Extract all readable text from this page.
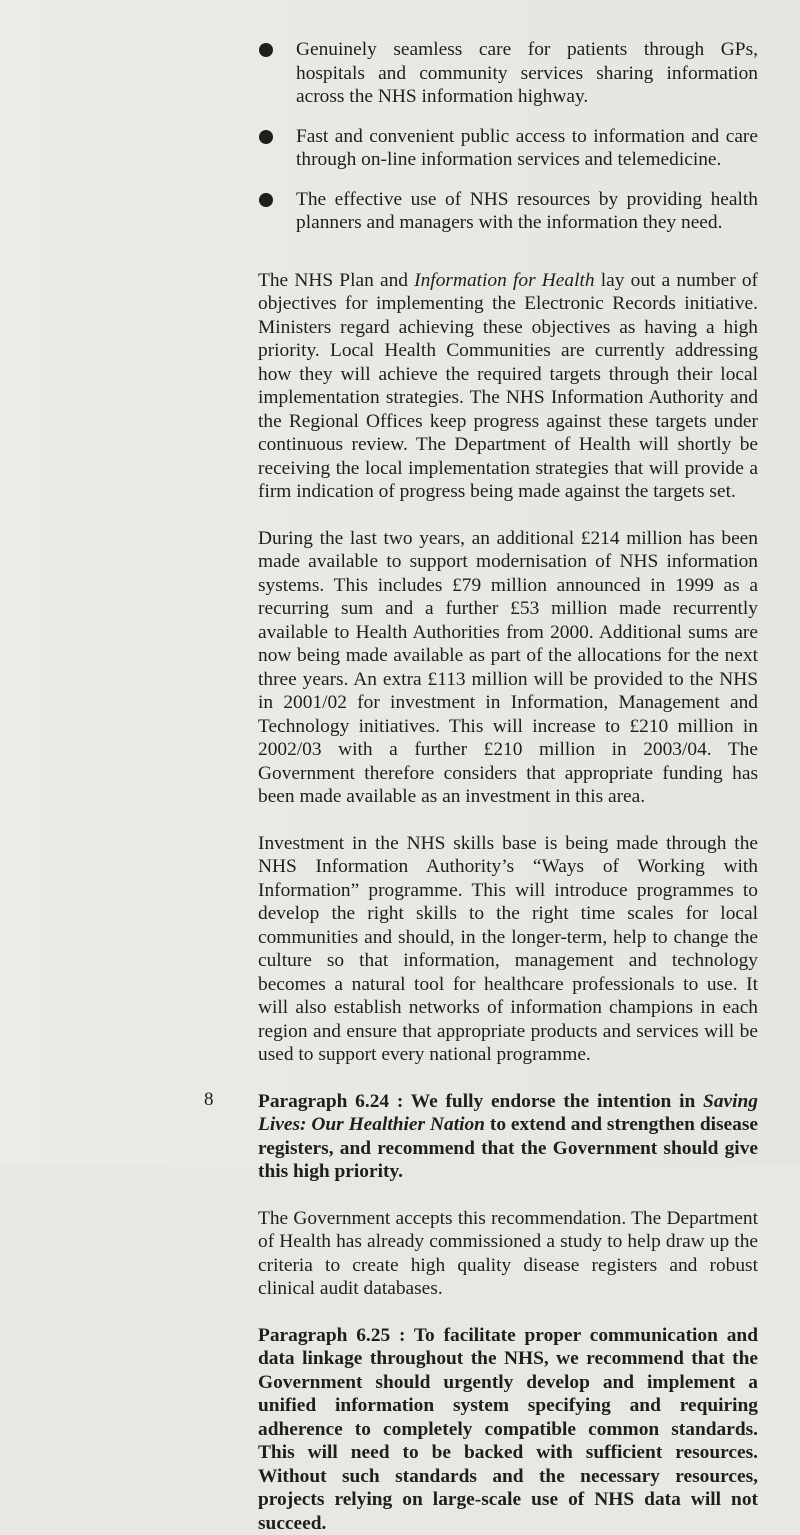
Genuinely seamless care for patients through GPs, hospitals and community services sharing information across the NHS information highway.
Fast and convenient public access to information and care through on-line information services and telemedicine.
The effective use of NHS resources by providing health planners and managers with the information they need.

The NHS Plan and Information for Health lay out a number of objectives for implementing the Electronic Records initiative. Ministers regard achieving these objectives as having a high priority. Local Health Communities are currently addressing how they will achieve the required targets through their local implementation strategies. The NHS Information Authority and the Regional Offices keep progress against these targets under continuous review. The Department of Health will shortly be receiving the local implementation strategies that will provide a firm indication of progress being made against the targets set.

During the last two years, an additional £214 million has been made available to support modernisation of NHS information systems. This includes £79 million announced in 1999 as a recurring sum and a further £53 million made recurrently available to Health Authorities from 2000. Additional sums are now being made available as part of the allocations for the next three years. An extra £113 million will be provided to the NHS in 2001/02 for investment in Information, Management and Technology initiatives. This will increase to £210 million in 2002/03 with a further £210 million in 2003/04. The Government therefore considers that appropriate funding has been made available as an investment in this area.

Investment in the NHS skills base is being made through the NHS Information Authority’s “Ways of Working with Information” programme. This will introduce programmes to develop the right skills to the right time scales for local communities and should, in the longer-term, help to change the culture so that information, management and technology becomes a natural tool for healthcare professionals to use. It will also establish networks of information champions in each region and ensure that appropriate products and services will be used to support every national programme.

Paragraph 6.24 : We fully endorse the intention in Saving Lives: Our Healthier Nation to extend and strengthen disease registers, and recommend that the Government should give this high priority.

The Government accepts this recommendation. The Department of Health has already commissioned a study to help draw up the criteria to create high quality disease registers and robust clinical audit databases.

Paragraph 6.25 : To facilitate proper communication and data linkage throughout the NHS, we recommend that the Government should urgently develop and implement a unified information system specifying and requiring adherence to completely compatible common standards. This will need to be backed with sufficient resources. Without such standards and the necessary resources, projects relying on large-scale use of NHS data will not succeed.

8
